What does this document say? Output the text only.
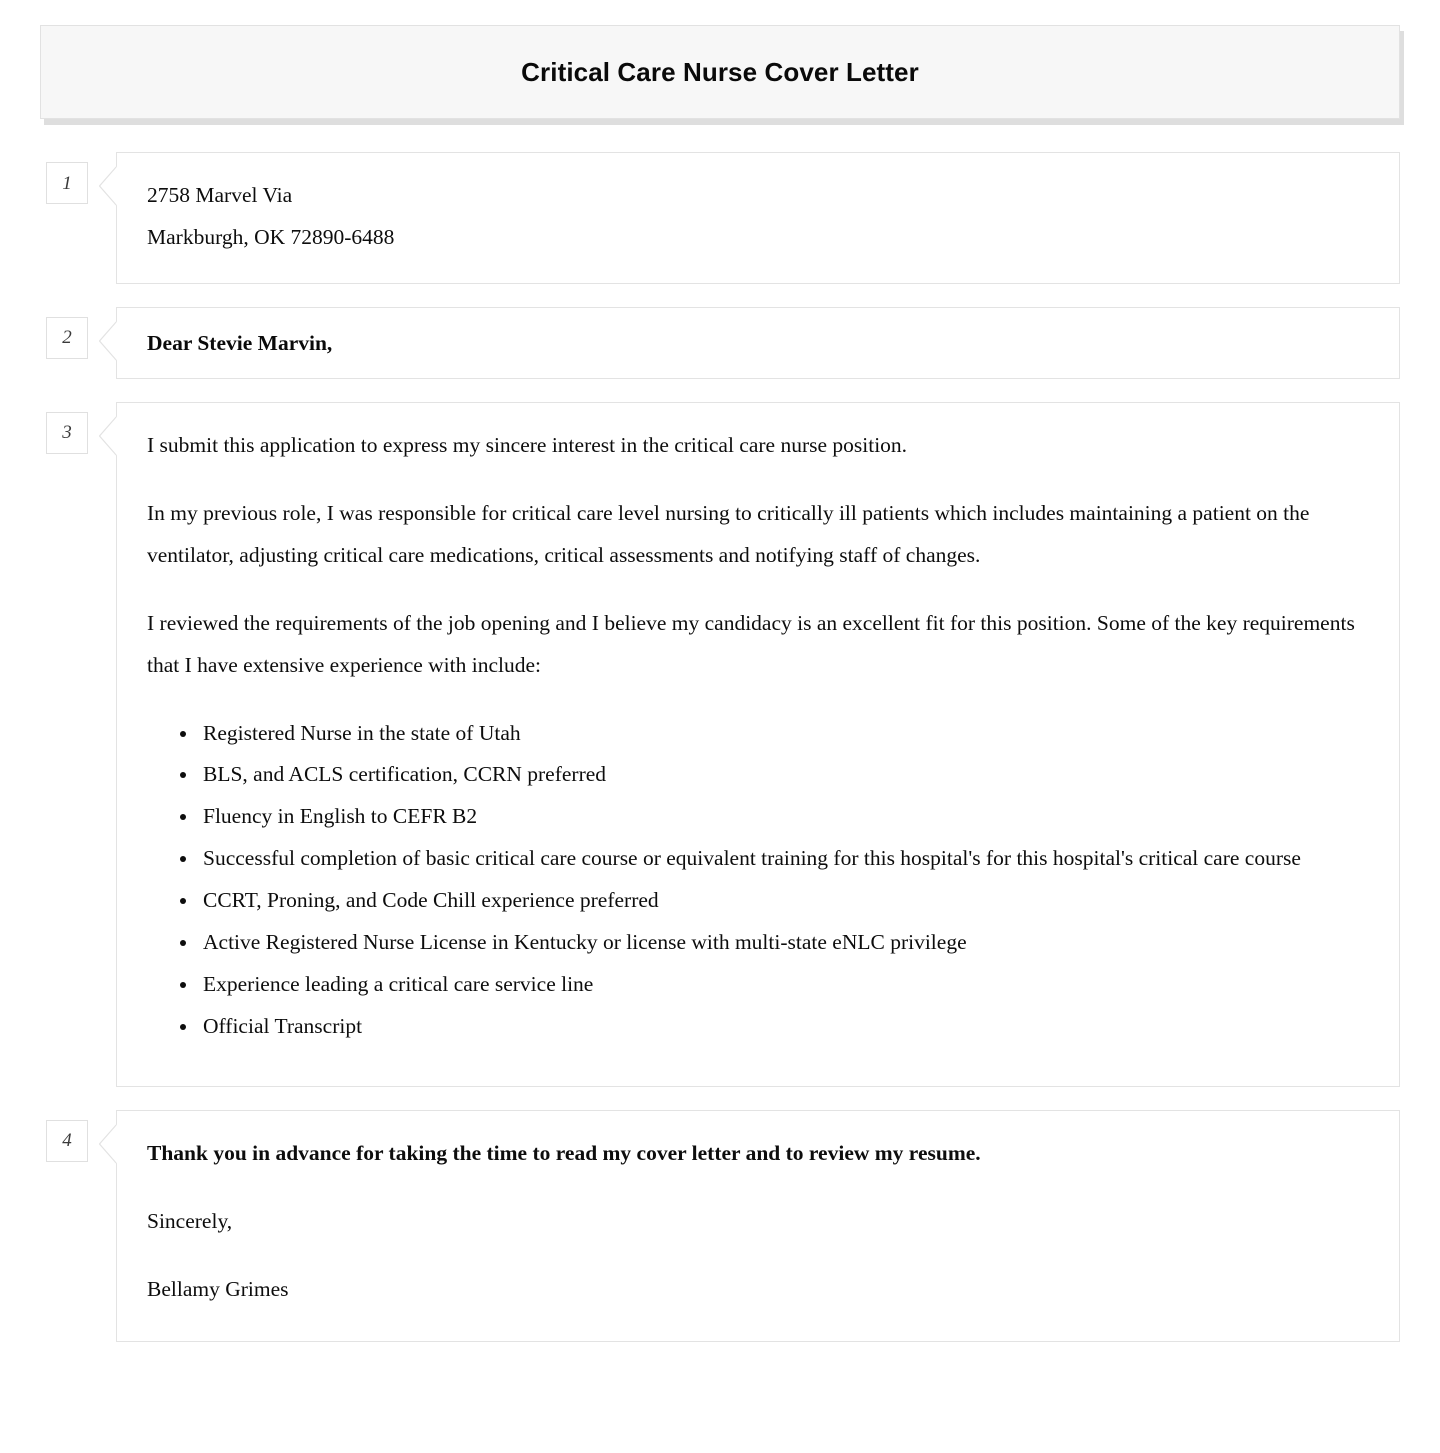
Critical Care Nurse Cover Letter
1	2758 Marvel Via
Markburgh, OK 72890-6488
2	Dear Stevie Marvin,
3	I submit this application to express my sincere interest in the critical care nurse position.

In my previous role, I was responsible for critical care level nursing to critically ill patients which includes maintaining a patient on the ventilator, adjusting critical care medications, critical assessments and notifying staff of changes.

I reviewed the requirements of the job opening and I believe my candidacy is an excellent fit for this position. Some of the key requirements that I have extensive experience with include:

• Registered Nurse in the state of Utah
• BLS, and ACLS certification, CCRN preferred
• Fluency in English to CEFR B2
• Successful completion of basic critical care course or equivalent training for this hospital's for this hospital's critical care course
• CCRT, Proning, and Code Chill experience preferred
• Active Registered Nurse License in Kentucky or license with multi-state eNLC privilege
• Experience leading a critical care service line
• Official Transcript
4	Thank you in advance for taking the time to read my cover letter and to review my resume.

Sincerely,

Bellamy Grimes
